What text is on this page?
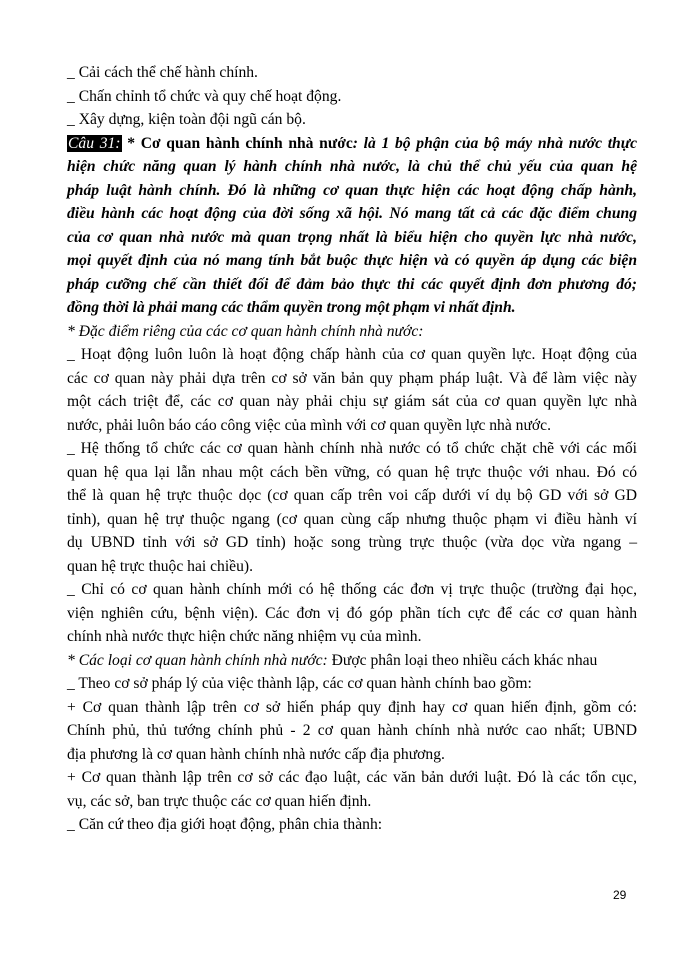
_ Cải cách thể chế hành chính.
_ Chấn chỉnh tổ chức và quy chế hoạt động.
_ Xây dựng, kiện toàn đội ngũ cán bộ.
Câu 31: * Cơ quan hành chính nhà nước: là 1 bộ phận của bộ máy nhà nước thực
hiện chức năng quan lý hành chính nhà nước, là chủ thể chủ yếu của quan hệ
pháp luật hành chính. Đó là những cơ quan thực hiện các hoạt động chấp hành,
điều hành các hoạt động của đời sống xã hội. Nó mang tất cả các đặc điểm chung
của cơ quan nhà nước mà quan trọng nhất là biểu hiện cho quyền lực nhà nước,
mọi quyết định của nó mang tính bắt buộc thực hiện và có quyền áp dụng các biện
pháp cưỡng chế cần thiết đối để đảm bảo thực thi các quyết định đơn phương đó;
đồng thời là phải mang các thẩm quyền trong một phạm vi nhất định.
* Đặc điểm riêng của các cơ quan hành chính nhà nước:
_ Hoạt động luôn luôn là hoạt động chấp hành của cơ quan quyền lực. Hoạt động của
các cơ quan này phải dựa trên cơ sở văn bản quy phạm pháp luật. Và để làm việc này
một cách triệt để, các cơ quan này phải chịu sự giám sát của cơ quan quyền lực nhà
nước, phải luôn báo cáo công việc của mình với cơ quan quyền lực nhà nước.
_ Hệ thống tổ chức các cơ quan hành chính nhà nước có tổ chức chặt chẽ với các mối
quan hệ qua lại lẫn nhau một cách bền vững, có quan hệ trực thuộc với nhau. Đó có
thể là quan hệ trực thuộc dọc (cơ quan cấp trên voi cấp dưới ví dụ bộ GD với sở GD
tỉnh), quan hệ trự thuộc ngang (cơ quan cùng cấp nhưng thuộc phạm vi điều hành ví
dụ UBND tỉnh với sở GD tỉnh) hoặc song trùng trực thuộc (vừa dọc vừa ngang –
quan hệ trực thuộc hai chiều).
_ Chỉ có cơ quan hành chính mới có hệ thống các đơn vị trực thuộc (trường đại học,
viện nghiên cứu, bệnh viện). Các đơn vị đó góp phần tích cực để các cơ quan hành
chính nhà nước thực hiện chức năng nhiệm vụ của mình.
* Các loại cơ quan hành chính nhà nước: Được phân loại theo nhiều cách khác nhau
_ Theo cơ sở pháp lý của việc thành lập, các cơ quan hành chính bao gồm:
+ Cơ quan thành lập trên cơ sở hiến pháp quy định hay cơ quan hiến định, gồm có:
Chính phủ, thủ tướng chính phủ - 2 cơ quan hành chính nhà nước cao nhất; UBND
địa phương là cơ quan hành chính nhà nước cấp địa phương.
+ Cơ quan thành lập trên cơ sở các đạo luật, các văn bản dưới luật. Đó là các tổn cục,
vụ, các sở, ban trực thuộc các cơ quan hiến định.
_ Căn cứ theo địa giới hoạt động, phân chia thành:
29
